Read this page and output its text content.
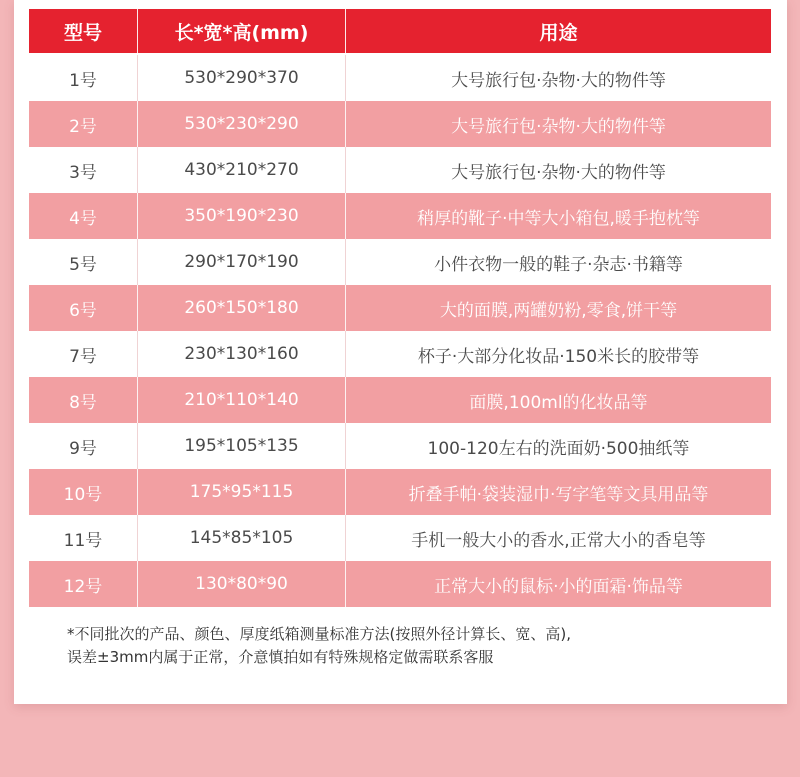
型号	长*宽*高(mm)	用途
1号	530*290*370	大号旅行包·杂物·大的物件等
2号	530*230*290	大号旅行包·杂物·大的物件等
3号	430*210*270	大号旅行包·杂物·大的物件等
4号	350*190*230	稍厚的靴子·中等大小箱包,暖手抱枕等
5号	290*170*190	小件衣物一般的鞋子·杂志·书籍等
6号	260*150*180	大的面膜,两罐奶粉,零食,饼干等
7号	230*130*160	杯子·大部分化妆品·150米长的胶带等
8号	210*110*140	面膜,100ml的化妆品等
9号	195*105*135	100-120左右的洗面奶·500抽纸等
10号	175*95*115	折叠手帕·袋装湿巾·写字笔等文具用品等
11号	145*85*105	手机一般大小的香水,正常大小的香皂等
12号	130*80*90	正常大小的鼠标·小的面霜·饰品等

*不同批次的产品、颜色、厚度纸箱测量标准方法(按照外径计算长、宽、高),

误差±3mm内属于正常，介意慎拍如有特殊规格定做需联系客服
